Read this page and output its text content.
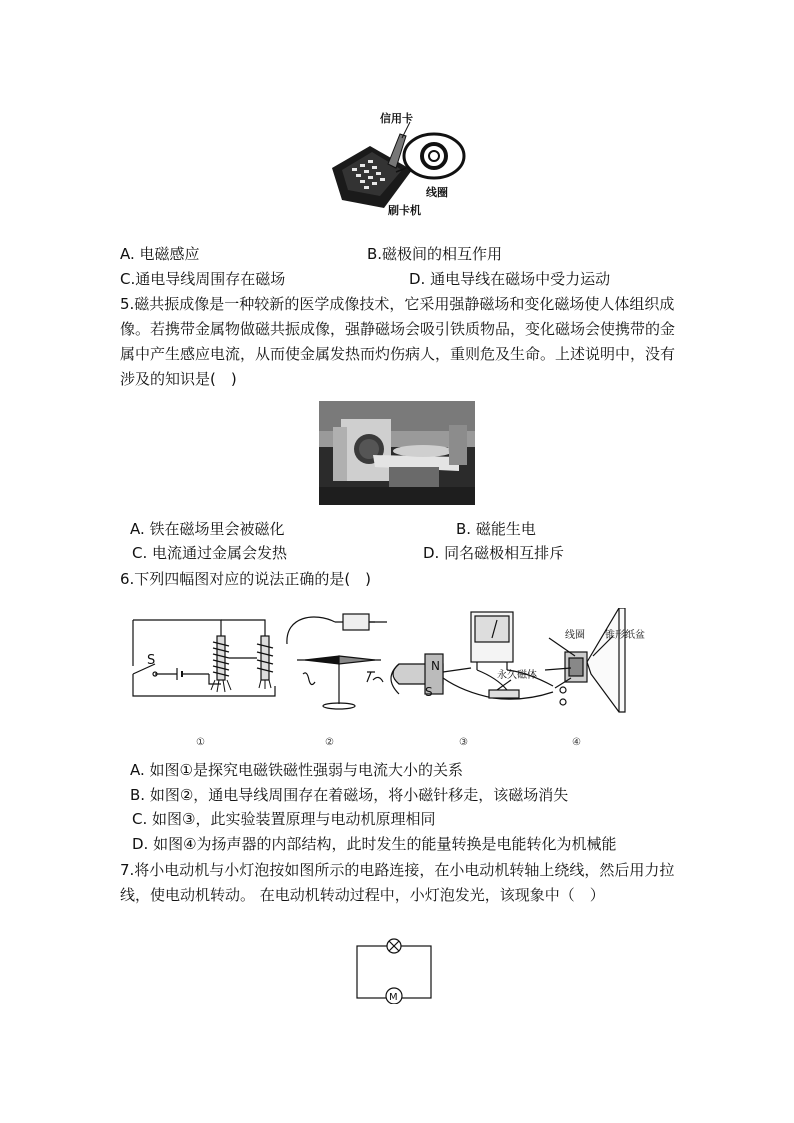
信用卡
线圈
刷卡机
A. 电磁感应	B.磁极间的相互作用
C.通电导线周围存在磁场	D. 通电导线在磁场中受力运动
5.磁共振成像是一种较新的医学成像技术，它采用强静磁场和变化磁场使人体组织成像。若携带金属物做磁共振成像，强静磁场会吸引铁质物品，变化磁场会使携带的金属中产生感应电流，从而使金属发热而灼伤病人，重则危及生命。上述说明中，没有涉及的知识是(　)
A. 铁在磁场里会被磁化	B. 磁能生电
C. 电流通过金属会发热	D. 同名磁极相互排斥
6.下列四幅图对应的说法正确的是(　)
S	N
S
线圈 锥形纸盆
永久磁体
①	②	③	④
A. 如图①是探究电磁铁磁性强弱与电流大小的关系
B. 如图②，通电导线周围存在着磁场，将小磁针移走，该磁场消失
C. 如图③，此实验装置原理与电动机原理相同
D. 如图④为扬声器的内部结构，此时发生的能量转换是电能转化为机械能
7.将小电动机与小灯泡按如图所示的电路连接，在小电动机转轴上绕线，然后用力拉线，使电动机转动。 在电动机转动过程中，小灯泡发光，该现象中（　）
M
